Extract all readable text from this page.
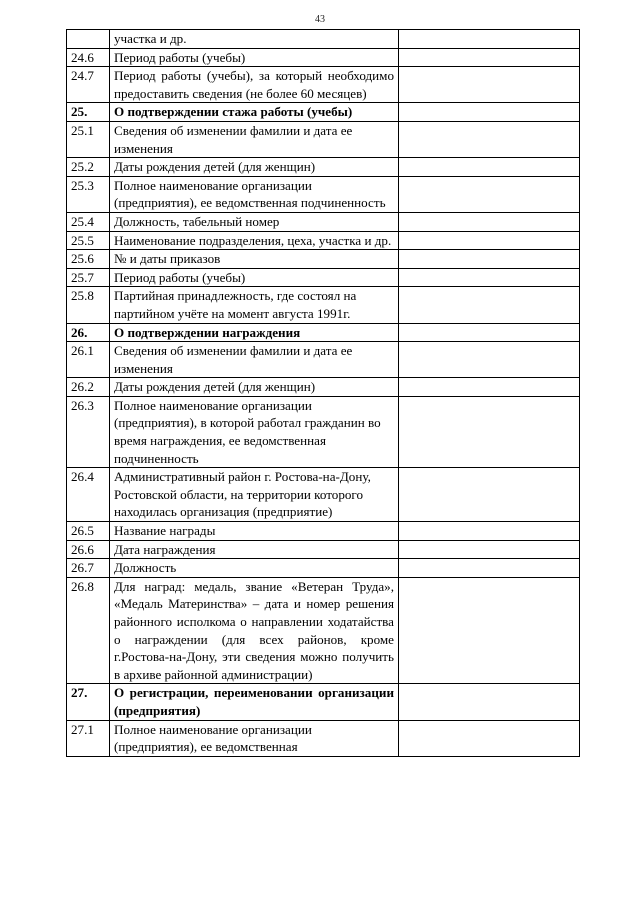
43
	участка и др.	
24.6	Период работы (учебы)	
24.7	Период работы (учебы), за который необходимо предоставить сведения (не более 60 месяцев)	
25.	О подтверждении стажа работы (учебы)	
25.1	Сведения об изменении фамилии и дата ее изменения	
25.2	Даты рождения детей (для женщин)	
25.3	Полное наименование организации (предприятия), ее ведомственная подчиненность	
25.4	Должность, табельный номер	
25.5	Наименование подразделения, цеха, участка и др.	
25.6	№ и даты приказов	
25.7	Период работы (учебы)	
25.8	Партийная принадлежность, где состоял на партийном учёте на момент августа 1991г.	
26.	О подтверждении награждения	
26.1	Сведения об изменении фамилии и дата ее изменения	
26.2	Даты рождения детей (для женщин)	
26.3	Полное наименование организации (предприятия), в которой работал гражданин во время награждения, ее ведомственная подчиненность	
26.4	Административный район г. Ростова-на-Дону, Ростовской области, на территории которого находилась организация (предприятие)	
26.5	Название награды	
26.6	Дата награждения	
26.7	Должность	
26.8	Для наград: медаль, звание «Ветеран Труда», «Медаль Материнства» – дата и номер решения районного исполкома о направлении ходатайства о награждении (для всех районов, кроме г.Ростова-на-Дону, эти сведения можно получить в архиве районной администрации)	
27.	О регистрации, переименовании организации (предприятия)	
27.1	Полное наименование организации (предприятия), ее ведомственная	
